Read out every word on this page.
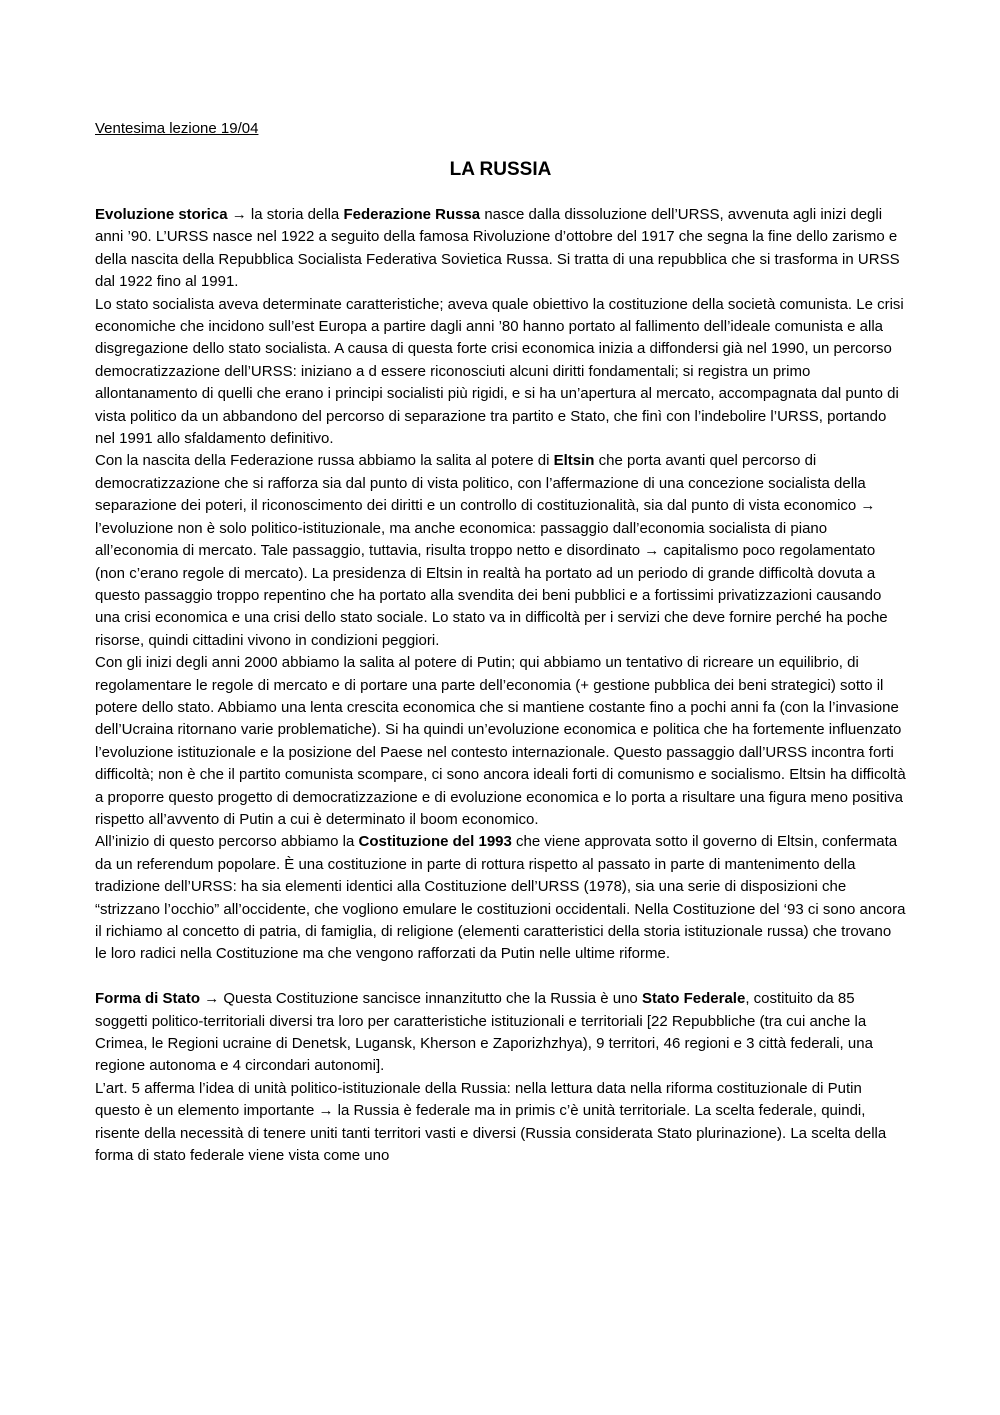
Ventesima lezione 19/04
LA RUSSIA

Evoluzione storica → la storia della Federazione Russa nasce dalla dissoluzione dell’URSS, avvenuta agli inizi degli anni ’90. L’URSS nasce nel 1922 a seguito della famosa Rivoluzione d’ottobre del 1917 che segna la fine dello zarismo e della nascita della Repubblica Socialista Federativa Sovietica Russa. Si tratta di una repubblica che si trasforma in URSS dal 1922 fino al 1991.

Lo stato socialista aveva determinate caratteristiche; aveva quale obiettivo la costituzione della società comunista. Le crisi economiche che incidono sull’est Europa a partire dagli anni ’80 hanno portato al fallimento dell’ideale comunista e alla disgregazione dello stato socialista. A causa di questa forte crisi economica inizia a diffondersi già nel 1990, un percorso democratizzazione dell’URSS: iniziano a d essere riconosciuti alcuni diritti fondamentali; si registra un primo allontanamento di quelli che erano i principi socialisti più rigidi, e si ha un’apertura al mercato, accompagnata dal punto di vista politico da un abbandono del percorso di separazione tra partito e Stato, che finì con l’indebolire l’URSS, portando nel 1991 allo sfaldamento definitivo.

Con la nascita della Federazione russa abbiamo la salita al potere di Eltsin che porta avanti quel percorso di democratizzazione che si rafforza sia dal punto di vista politico, con l’affermazione di una concezione socialista della separazione dei poteri, il riconoscimento dei diritti e un controllo di costituzionalità, sia dal punto di vista economico → l’evoluzione non è solo politico-istituzionale, ma anche economica: passaggio dall’economia socialista di piano all’economia di mercato. Tale passaggio, tuttavia, risulta troppo netto e disordinato → capitalismo poco regolamentato (non c’erano regole di mercato). La presidenza di Eltsin in realtà ha portato ad un periodo di grande difficoltà dovuta a questo passaggio troppo repentino che ha portato alla svendita dei beni pubblici e a fortissimi privatizzazioni causando una crisi economica e una crisi dello stato sociale. Lo stato va in difficoltà per i servizi che deve fornire perché ha poche risorse, quindi cittadini vivono in condizioni peggiori.

Con gli inizi degli anni 2000 abbiamo la salita al potere di Putin; qui abbiamo un tentativo di ricreare un equilibrio, di regolamentare le regole di mercato e di portare una parte dell’economia (+ gestione pubblica dei beni strategici) sotto il potere dello stato. Abbiamo una lenta crescita economica che si mantiene costante fino a pochi anni fa (con la l’invasione dell’Ucraina ritornano varie problematiche). Si ha quindi un’evoluzione economica e politica che ha fortemente influenzato l’evoluzione istituzionale e la posizione del Paese nel contesto internazionale. Questo passaggio dall’URSS incontra forti difficoltà; non è che il partito comunista scompare, ci sono ancora ideali forti di comunismo e socialismo. Eltsin ha difficoltà a proporre questo progetto di democratizzazione e di evoluzione economica e lo porta a risultare una figura meno positiva rispetto all’avvento di Putin a cui è determinato il boom economico.

All’inizio di questo percorso abbiamo la Costituzione del 1993 che viene approvata sotto il governo di Eltsin, confermata da un referendum popolare. È una costituzione in parte di rottura rispetto al passato in parte di mantenimento della tradizione dell’URSS: ha sia elementi identici alla Costituzione dell’URSS (1978), sia una serie di disposizioni che “strizzano l’occhio” all’occidente, che vogliono emulare le costituzioni occidentali. Nella Costituzione del ‘93 ci sono ancora il richiamo al concetto di patria, di famiglia, di religione (elementi caratteristici della storia istituzionale russa) che trovano le loro radici nella Costituzione ma che vengono rafforzati da Putin nelle ultime riforme.

Forma di Stato → Questa Costituzione sancisce innanzitutto che la Russia è uno Stato Federale, costituito da 85 soggetti politico-territoriali diversi tra loro per caratteristiche istituzionali e territoriali [22 Repubbliche (tra cui anche la Crimea, le Regioni ucraine di Denetsk, Lugansk, Kherson e Zaporizhzhya), 9 territori, 46 regioni e 3 città federali, una regione autonoma e 4 circondari autonomi].

L’art. 5 afferma l’idea di unità politico-istituzionale della Russia: nella lettura data nella riforma costituzionale di Putin questo è un elemento importante → la Russia è federale ma in primis c’è unità territoriale. La scelta federale, quindi, risente della necessità di tenere uniti tanti territori vasti e diversi (Russia considerata Stato plurinazione). La scelta della forma di stato federale viene vista come uno
